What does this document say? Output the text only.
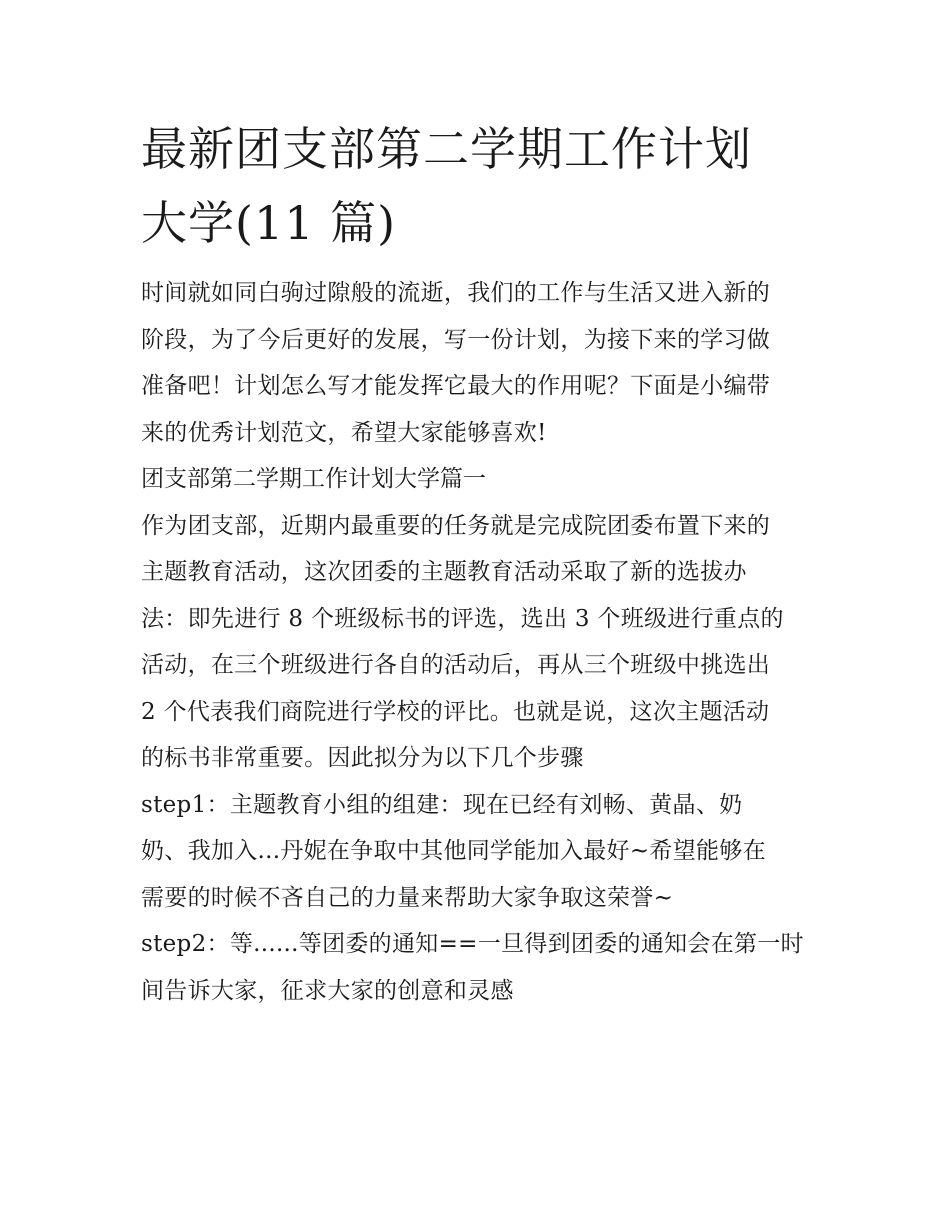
最新团支部第二学期工作计划
大学(11 篇)

时间就如同白驹过隙般的流逝，我们的工作与生活又进入新的
阶段，为了今后更好的发展，写一份计划，为接下来的学习做
准备吧！计划怎么写才能发挥它最大的作用呢？下面是小编带
来的优秀计划范文，希望大家能够喜欢!

团支部第二学期工作计划大学篇一

作为团支部，近期内最重要的任务就是完成院团委布置下来的
主题教育活动，这次团委的主题教育活动采取了新的选拔办
法：即先进行 8 个班级标书的评选，选出 3 个班级进行重点的
活动，在三个班级进行各自的活动后，再从三个班级中挑选出
2 个代表我们商院进行学校的评比。也就是说，这次主题活动
的标书非常重要。因此拟分为以下几个步骤

step1：主题教育小组的组建：现在已经有刘畅、黄晶、奶
奶、我加入...丹妮在争取中其他同学能加入最好~希望能够在
需要的时候不吝自己的力量来帮助大家争取这荣誉~

step2：等......等团委的通知==一旦得到团委的通知会在第一时
间告诉大家，征求大家的创意和灵感
